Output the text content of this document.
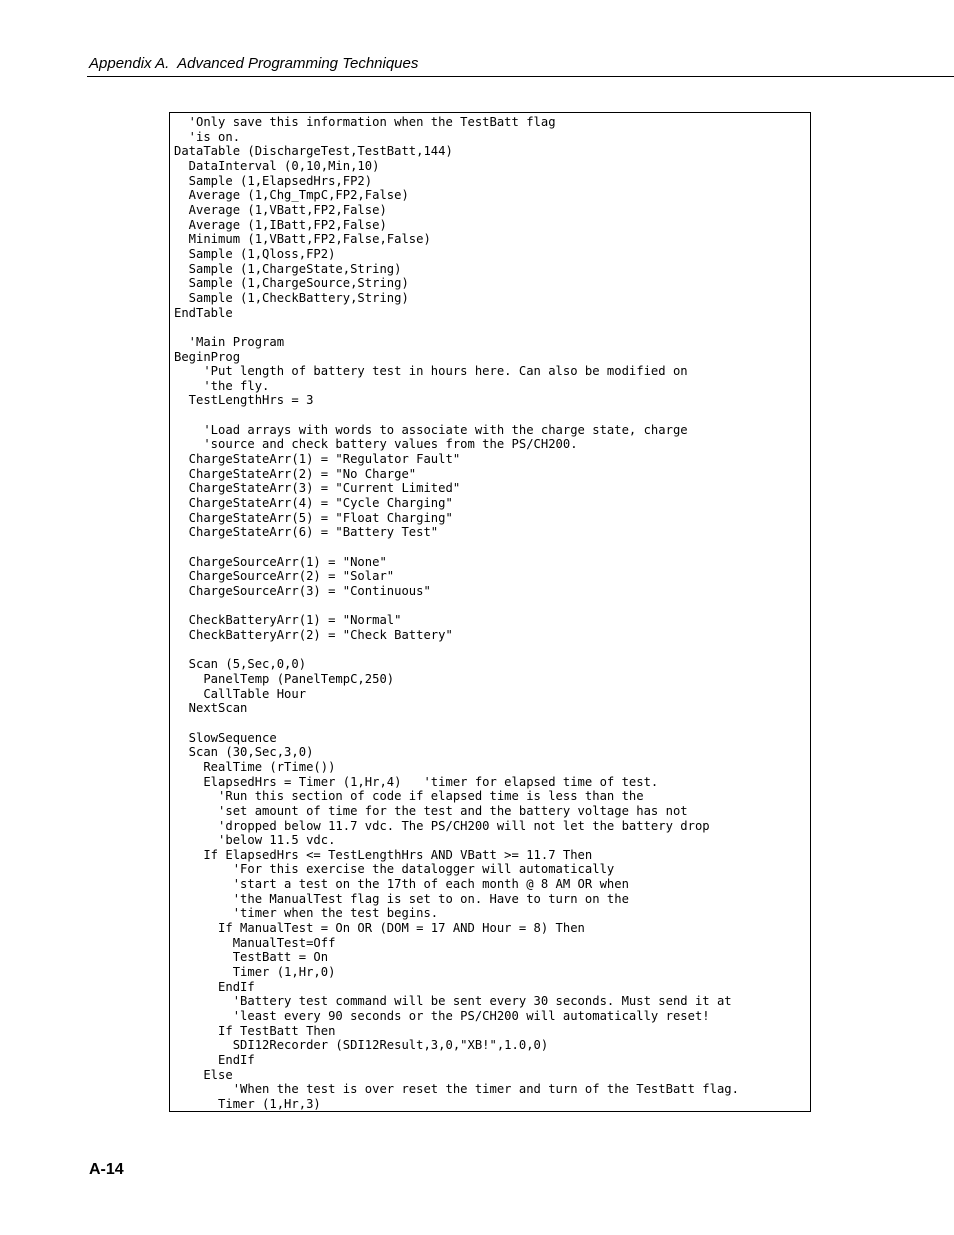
Appendix A.  Advanced Programming Techniques
'Only save this information when the TestBatt flag
'is on.
DataTable (DischargeTest,TestBatt,144)
DataInterval (0,10,Min,10)
Sample (1,ElapsedHrs,FP2)
Average (1,Chg_TmpC,FP2,False)
Average (1,VBatt,FP2,False)
Average (1,IBatt,FP2,False)
Minimum (1,VBatt,FP2,False,False)
Sample (1,Qloss,FP2)
Sample (1,ChargeState,String)
Sample (1,ChargeSource,String)
Sample (1,CheckBattery,String)
EndTable
'Main Program
BeginProg
'Put length of battery test in hours here. Can also be modified on
'the fly.
TestLengthHrs = 3
'Load arrays with words to associate with the charge state, charge
'source and check battery values from the PS/CH200.
ChargeStateArr(1) = "Regulator Fault"
ChargeStateArr(2) = "No Charge"
ChargeStateArr(3) = "Current Limited"
ChargeStateArr(4) = "Cycle Charging"
ChargeStateArr(5) = "Float Charging"
ChargeStateArr(6) = "Battery Test"
ChargeSourceArr(1) = "None"
ChargeSourceArr(2) = "Solar"
ChargeSourceArr(3) = "Continuous"
CheckBatteryArr(1) = "Normal"
CheckBatteryArr(2) = "Check Battery"
Scan (5,Sec,0,0)
PanelTemp (PanelTempC,250)
CallTable Hour
NextScan
SlowSequence
Scan (30,Sec,3,0)
RealTime (rTime())
ElapsedHrs = Timer (1,Hr,4)   'timer for elapsed time of test.
'Run this section of code if elapsed time is less than the
'set amount of time for the test and the battery voltage has not
'dropped below 11.7 vdc. The PS/CH200 will not let the battery drop
'below 11.5 vdc.
If ElapsedHrs <= TestLengthHrs AND VBatt >= 11.7 Then
'For this exercise the datalogger will automatically
'start a test on the 17th of each month @ 8 AM OR when
'the ManualTest flag is set to on. Have to turn on the
'timer when the test begins.
If ManualTest = On OR (DOM = 17 AND Hour = 8) Then
ManualTest=Off
TestBatt = On
Timer (1,Hr,0)
EndIf
'Battery test command will be sent every 30 seconds. Must send it at
'least every 90 seconds or the PS/CH200 will automatically reset!
If TestBatt Then
SDI12Recorder (SDI12Result,3,0,"XB!",1.0,0)
EndIf
Else
'When the test is over reset the timer and turn of the TestBatt flag.
Timer (1,Hr,3)
A-14
